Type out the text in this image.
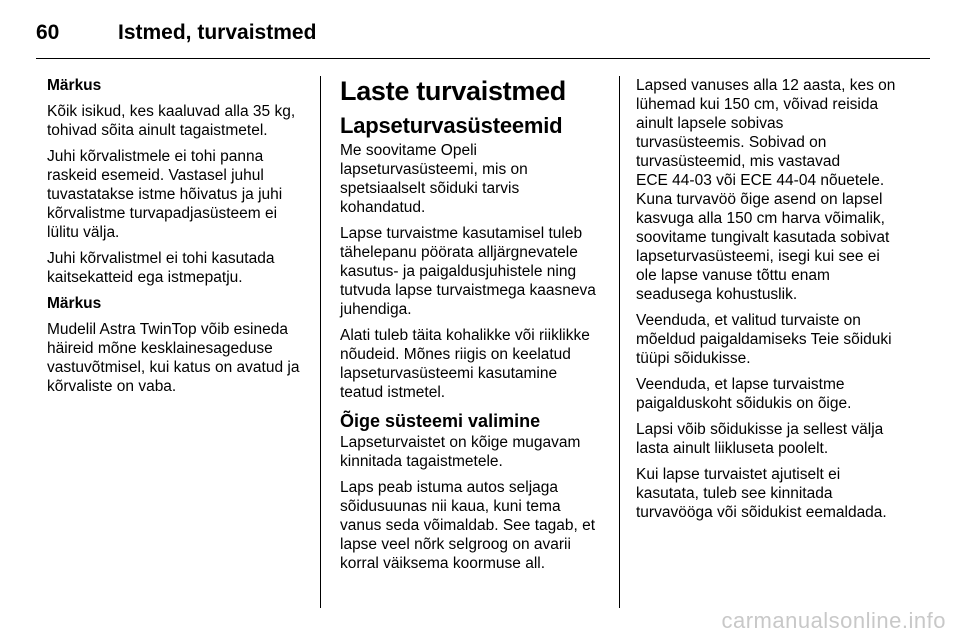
60	Istmed, turvaistmed

Märkus

Kõik isikud, kes kaaluvad alla 35 kg,
tohivad sõita ainult tagaistmetel.

Juhi kõrvalistmele ei tohi panna
raskeid esemeid. Vastasel juhul
tuvastatakse istme hõivatus ja juhi
kõrvalistme turvapadjasüsteem ei
lülitu välja.

Juhi kõrvalistmel ei tohi kasutada
kaitsekatteid ega istmepatju.

Märkus

Mudelil Astra TwinTop võib esineda
häireid mõne kesklainesageduse
vastuvõtmisel, kui katus on avatud ja
kõrvaliste on vaba.

Laste turvaistmed
Lapseturvasüsteemid

Me soovitame Opeli
lapseturvasüsteemi, mis on
spetsiaalselt sõiduki tarvis
kohandatud.

Lapse turvaistme kasutamisel tuleb
tähelepanu pöörata alljärgnevatele
kasutus- ja paigaldusjuhistele ning
tutvuda lapse turvaistmega kaasneva
juhendiga.

Alati tuleb täita kohalikke või riiklikke
nõudeid. Mõnes riigis on keelatud
lapseturvasüsteemi kasutamine
teatud istmetel.

Õige süsteemi valimine

Lapseturvaistet on kõige mugavam
kinnitada tagaistmetele.

Laps peab istuma autos seljaga
sõidusuunas nii kaua, kuni tema
vanus seda võimaldab. See tagab, et
lapse veel nõrk selgroog on avarii
korral väiksema koormuse all.

Lapsed vanuses alla 12 aasta, kes on
lühemad kui 150 cm, võivad reisida
ainult lapsele sobivas
turvasüsteemis. Sobivad on
turvasüsteemid, mis vastavad
ECE 44-03 või ECE 44-04 nõuetele.
Kuna turvavöö õige asend on lapsel
kasvuga alla 150 cm harva võimalik,
soovitame tungivalt kasutada sobivat
lapseturvasüsteemi, isegi kui see ei
ole lapse vanuse tõttu enam
seadusega kohustuslik.

Veenduda, et valitud turvaiste on
mõeldud paigaldamiseks Teie sõiduki
tüüpi sõidukisse.

Veenduda, et lapse turvaistme
paigalduskoht sõidukis on õige.

Lapsi võib sõidukisse ja sellest välja
lasta ainult liikluseta poolelt.

Kui lapse turvaistet ajutiselt ei
kasutata, tuleb see kinnitada
turvavööga või sõidukist eemaldada.

carmanualsonline.info
